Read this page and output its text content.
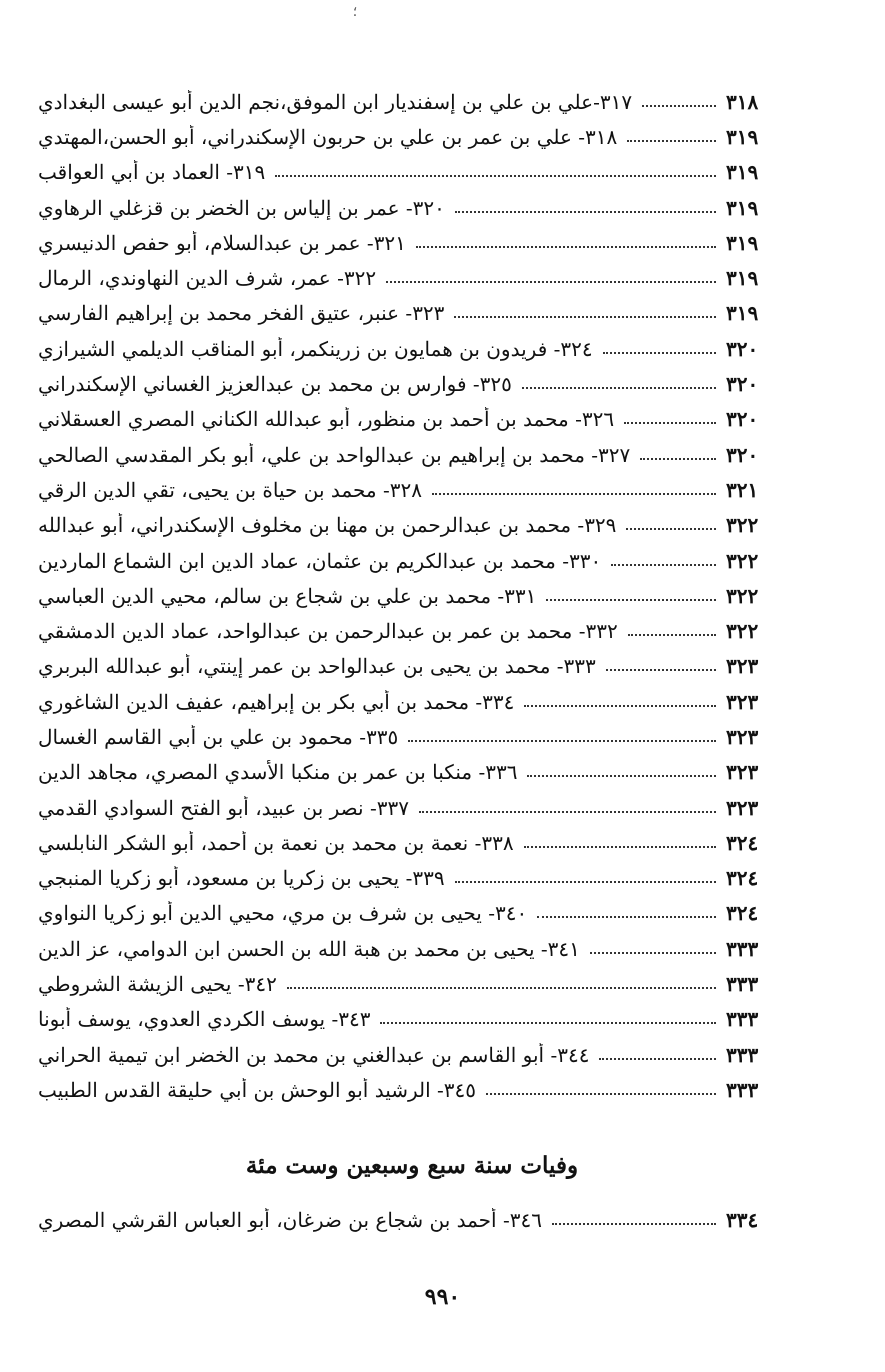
؛
٣١٧-علي بن علي بن إسفنديار ابن الموفق،نجم الدين أبو عيسى البغدادي	٣١٨
٣١٨- علي بن عمر بن علي بن حربون الإسكندراني، أبو الحسن،المهتدي	٣١٩
٣١٩- العماد بن أبي العواقب	٣١٩
٣٢٠- عمر بن إلياس بن الخضر بن قزغلي الرهاوي	٣١٩
٣٢١- عمر بن عبدالسلام، أبو حفص الدنيسري	٣١٩
٣٢٢- عمر، شرف الدين النهاوندي، الرمال	٣١٩
٣٢٣- عنبر، عتيق الفخر محمد بن إبراهيم الفارسي	٣١٩
٣٢٤- فريدون بن همايون بن زرينكمر، أبو المناقب الديلمي الشيرازي	٣٢٠
٣٢٥- فوارس بن محمد بن عبدالعزيز الغساني الإسكندراني	٣٢٠
٣٢٦- محمد بن أحمد بن منظور، أبو عبدالله الكناني المصري العسقلاني	٣٢٠
٣٢٧- محمد بن إبراهيم بن عبدالواحد بن علي، أبو بكر المقدسي الصالحي	٣٢٠
٣٢٨- محمد بن حياة بن يحيى، تقي الدين الرقي	٣٢١
٣٢٩- محمد بن عبدالرحمن بن مهنا بن مخلوف الإسكندراني، أبو عبدالله	٣٢٢
٣٣٠- محمد بن عبدالكريم بن عثمان، عماد الدين ابن الشماع الماردين	٣٢٢
٣٣١- محمد بن علي بن شجاع بن سالم، محيي الدين العباسي	٣٢٢
٣٣٢- محمد بن عمر بن عبدالرحمن بن عبدالواحد، عماد الدين الدمشقي	٣٢٢
٣٣٣- محمد بن يحيى بن عبدالواحد بن عمر إينتي، أبو عبدالله البربري	٣٢٣
٣٣٤- محمد بن أبي بكر بن إبراهيم، عفيف الدين الشاغوري	٣٢٣
٣٣٥- محمود بن علي بن أبي القاسم الغسال	٣٢٣
٣٣٦- منكبا بن عمر بن منكبا الأسدي المصري، مجاهد الدين	٣٢٣
٣٣٧- نصر بن عبيد، أبو الفتح السوادي القدمي	٣٢٣
٣٣٨- نعمة بن محمد بن نعمة بن أحمد، أبو الشكر النابلسي	٣٢٤
٣٣٩- يحيى بن زكريا بن مسعود، أبو زكريا المنبجي	٣٢٤
٣٤٠- يحيى بن شرف بن مري، محيي الدين أبو زكريا النواوي	٣٢٤
٣٤١- يحيى بن محمد بن هبة الله بن الحسن ابن الدوامي، عز الدين	٣٣٣
٣٤٢- يحيى الزيشة الشروطي	٣٣٣
٣٤٣- يوسف الكردي العدوي، يوسف أبونا	٣٣٣
٣٤٤- أبو القاسم بن عبدالغني بن محمد بن الخضر ابن تيمية الحراني	٣٣٣
٣٤٥- الرشيد أبو الوحش بن أبي حليقة القدس الطبيب	٣٣٣
وفيات سنة سبع وسبعين وست مئة
٣٤٦- أحمد بن شجاع بن ضرغان، أبو العباس القرشي المصري	٣٣٤
٩٩٠
